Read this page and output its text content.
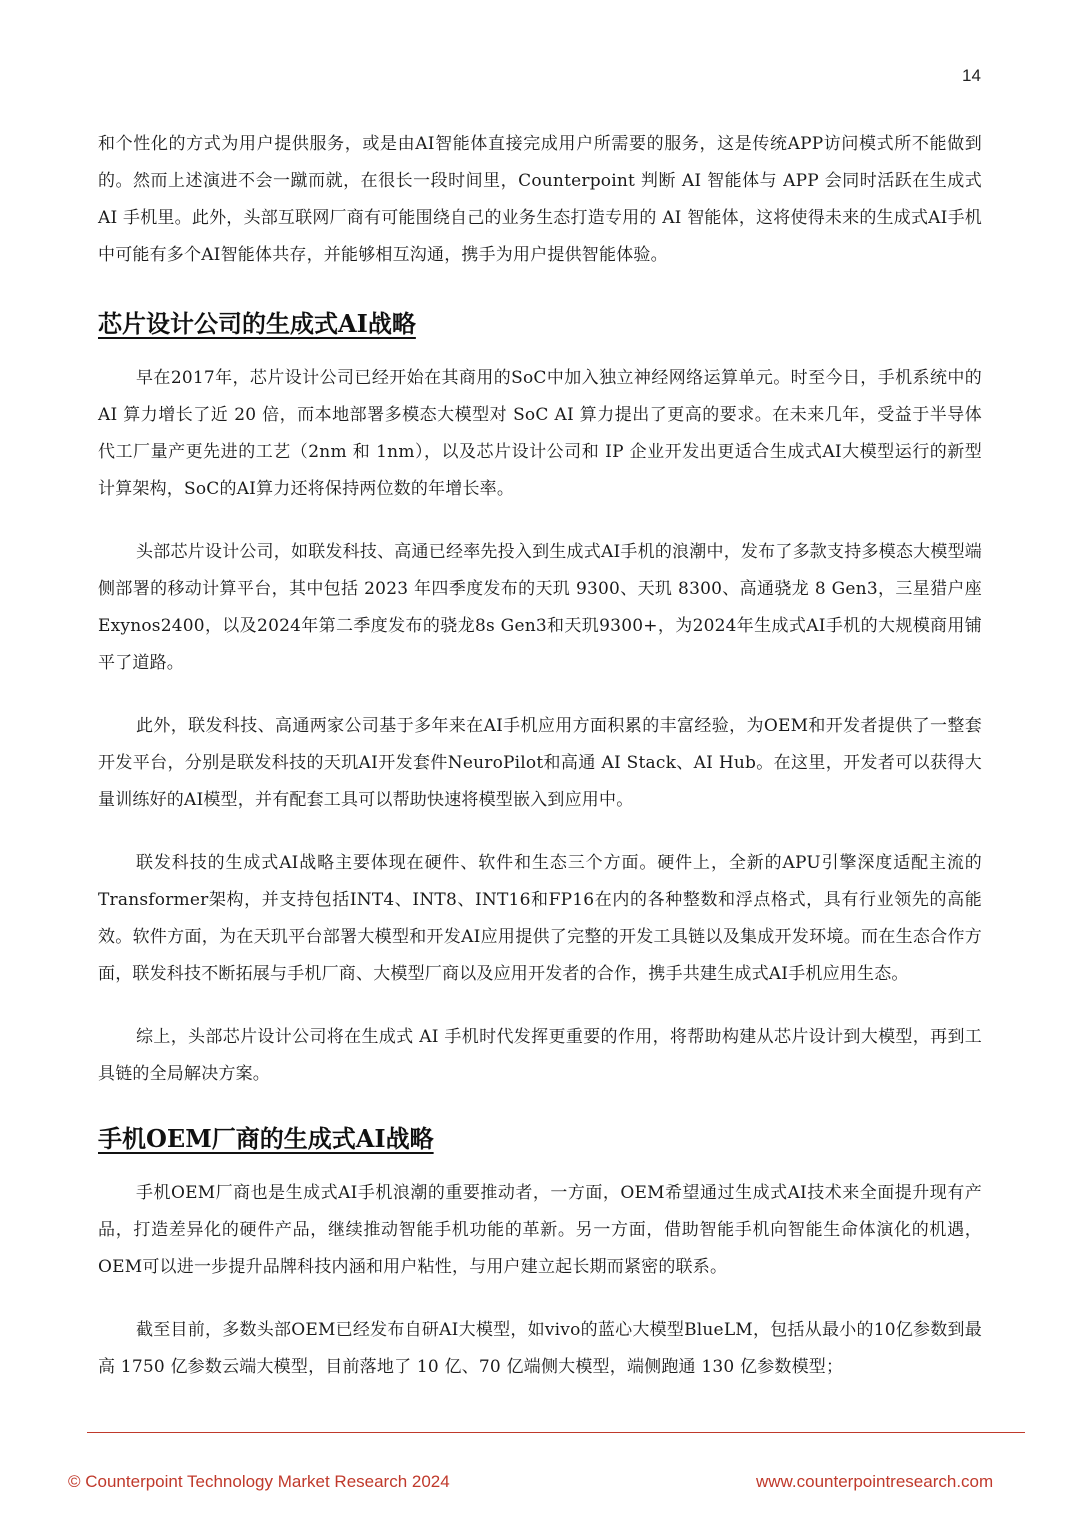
14

和个性化的方式为用户提供服务，或是由AI智能体直接完成用户所需要的服务，这是传统APP访问模式所不能做到的。然而上述演进不会一蹴而就，在很长一段时间里，Counterpoint 判断 AI 智能体与 APP 会同时活跃在生成式 AI 手机里。此外，头部互联网厂商有可能围绕自己的业务生态打造专用的 AI 智能体，这将使得未来的生成式AI手机中可能有多个AI智能体共存，并能够相互沟通，携手为用户提供智能体验。

芯片设计公司的生成式AI战略

早在2017年，芯片设计公司已经开始在其商用的SoC中加入独立神经网络运算单元。时至今日，手机系统中的 AI 算力增长了近 20 倍，而本地部署多模态大模型对 SoC AI 算力提出了更高的要求。在未来几年，受益于半导体代工厂量产更先进的工艺（2nm 和 1nm），以及芯片设计公司和 IP 企业开发出更适合生成式AI大模型运行的新型计算架构，SoC的AI算力还将保持两位数的年增长率。

头部芯片设计公司，如联发科技、高通已经率先投入到生成式AI手机的浪潮中，发布了多款支持多模态大模型端侧部署的移动计算平台，其中包括 2023 年四季度发布的天玑 9300、天玑 8300、高通骁龙 8 Gen3，三星猎户座Exynos2400，以及2024年第二季度发布的骁龙8s Gen3和天玑9300+，为2024年生成式AI手机的大规模商用铺平了道路。

此外，联发科技、高通两家公司基于多年来在AI手机应用方面积累的丰富经验，为OEM和开发者提供了一整套开发平台，分别是联发科技的天玑AI开发套件NeuroPilot和高通 AI Stack、AI Hub。在这里，开发者可以获得大量训练好的AI模型，并有配套工具可以帮助快速将模型嵌入到应用中。

联发科技的生成式AI战略主要体现在硬件、软件和生态三个方面。硬件上，全新的APU引擎深度适配主流的Transformer架构，并支持包括INT4、INT8、INT16和FP16在内的各种整数和浮点格式，具有行业领先的高能效。软件方面，为在天玑平台部署大模型和开发AI应用提供了完整的开发工具链以及集成开发环境。而在生态合作方面，联发科技不断拓展与手机厂商、大模型厂商以及应用开发者的合作，携手共建生成式AI手机应用生态。

综上，头部芯片设计公司将在生成式 AI 手机时代发挥更重要的作用，将帮助构建从芯片设计到大模型，再到工具链的全局解决方案。

手机OEM厂商的生成式AI战略

手机OEM厂商也是生成式AI手机浪潮的重要推动者，一方面，OEM希望通过生成式AI技术来全面提升现有产品，打造差异化的硬件产品，继续推动智能手机功能的革新。另一方面，借助智能手机向智能生命体演化的机遇，OEM可以进一步提升品牌科技内涵和用户粘性，与用户建立起长期而紧密的联系。

截至目前，多数头部OEM已经发布自研AI大模型，如vivo的蓝心大模型BlueLM，包括从最小的10亿参数到最高 1750 亿参数云端大模型，目前落地了 10 亿、70 亿端侧大模型，端侧跑通 130 亿参数模型；

© Counterpoint Technology Market Research 2024	www.counterpointresearch.com
